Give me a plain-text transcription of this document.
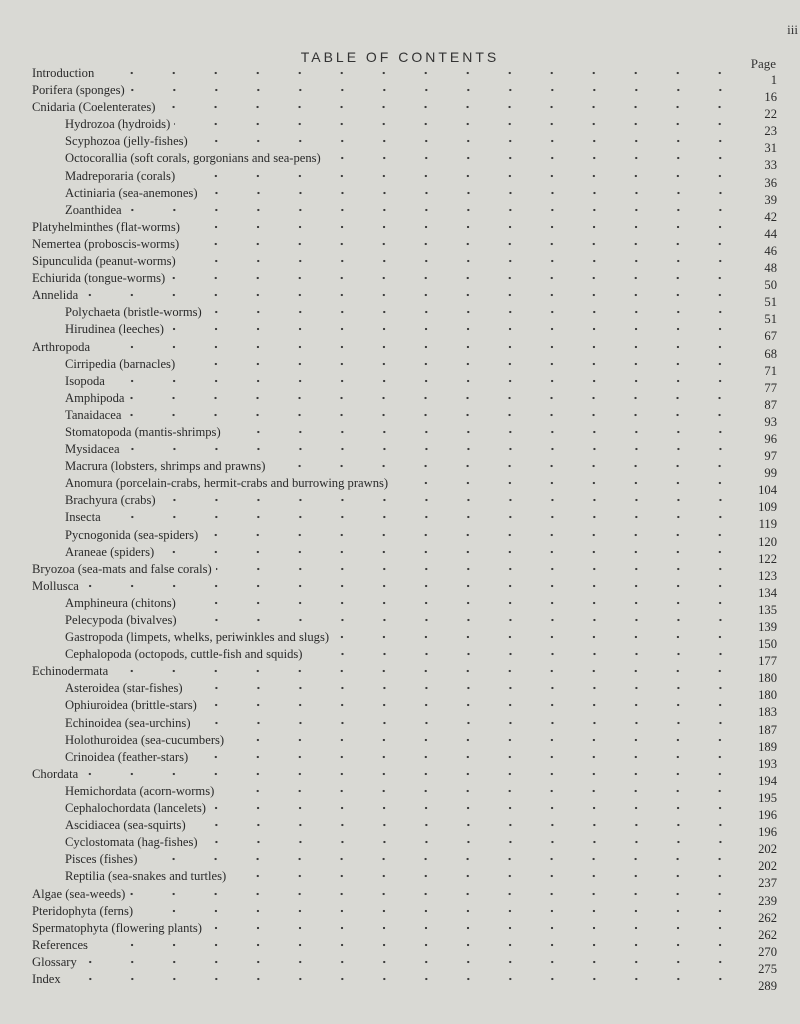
iii
TABLE OF CONTENTS	Page
Introduction	1
Porifera (sponges)	16
Cnidaria (Coelenterates)	22
Hydrozoa (hydroids)	23
Scyphozoa (jelly-fishes)	31
Octocorallia (soft corals, gorgonians and sea-pens)	33
Madreporaria (corals)	36
Actiniaria (sea-anemones)	39
Zoanthidea	42
Platyhelminthes (flat-worms)	44
Nemertea (proboscis-worms)	46
Sipunculida (peanut-worms)	48
Echiurida (tongue-worms)	50
Annelida	51
Polychaeta (bristle-worms)	51
Hirudinea (leeches)	67
Arthropoda	68
Cirripedia (barnacles)	71
Isopoda	77
Amphipoda	87
Tanaidacea	93
Stomatopoda (mantis-shrimps)	96
Mysidacea	97
Macrura (lobsters, shrimps and prawns)	99
Anomura (porcelain-crabs, hermit-crabs and burrowing prawns)	104
Brachyura (crabs)	109
Insecta	119
Pycnogonida (sea-spiders)	120
Araneae (spiders)	122
Bryozoa (sea-mats and false corals)	123
Mollusca	134
Amphineura (chitons)	135
Pelecypoda (bivalves)	139
Gastropoda (limpets, whelks, periwinkles and slugs)	150
Cephalopoda (octopods, cuttle-fish and squids)	177
Echinodermata	180
Asteroidea (star-fishes)	180
Ophiuroidea (brittle-stars)	183
Echinoidea (sea-urchins)	187
Holothuroidea (sea-cucumbers)	189
Crinoidea (feather-stars)	193
Chordata	194
Hemichordata (acorn-worms)	195
Cephalochordata (lancelets)	196
Ascidiacea (sea-squirts)	196
Cyclostomata (hag-fishes)	202
Pisces (fishes)	202
Reptilia (sea-snakes and turtles)	237
Algae (sea-weeds)	239
Pteridophyta (ferns)	262
Spermatophyta (flowering plants)	262
References	270
Glossary	275
Index	289
